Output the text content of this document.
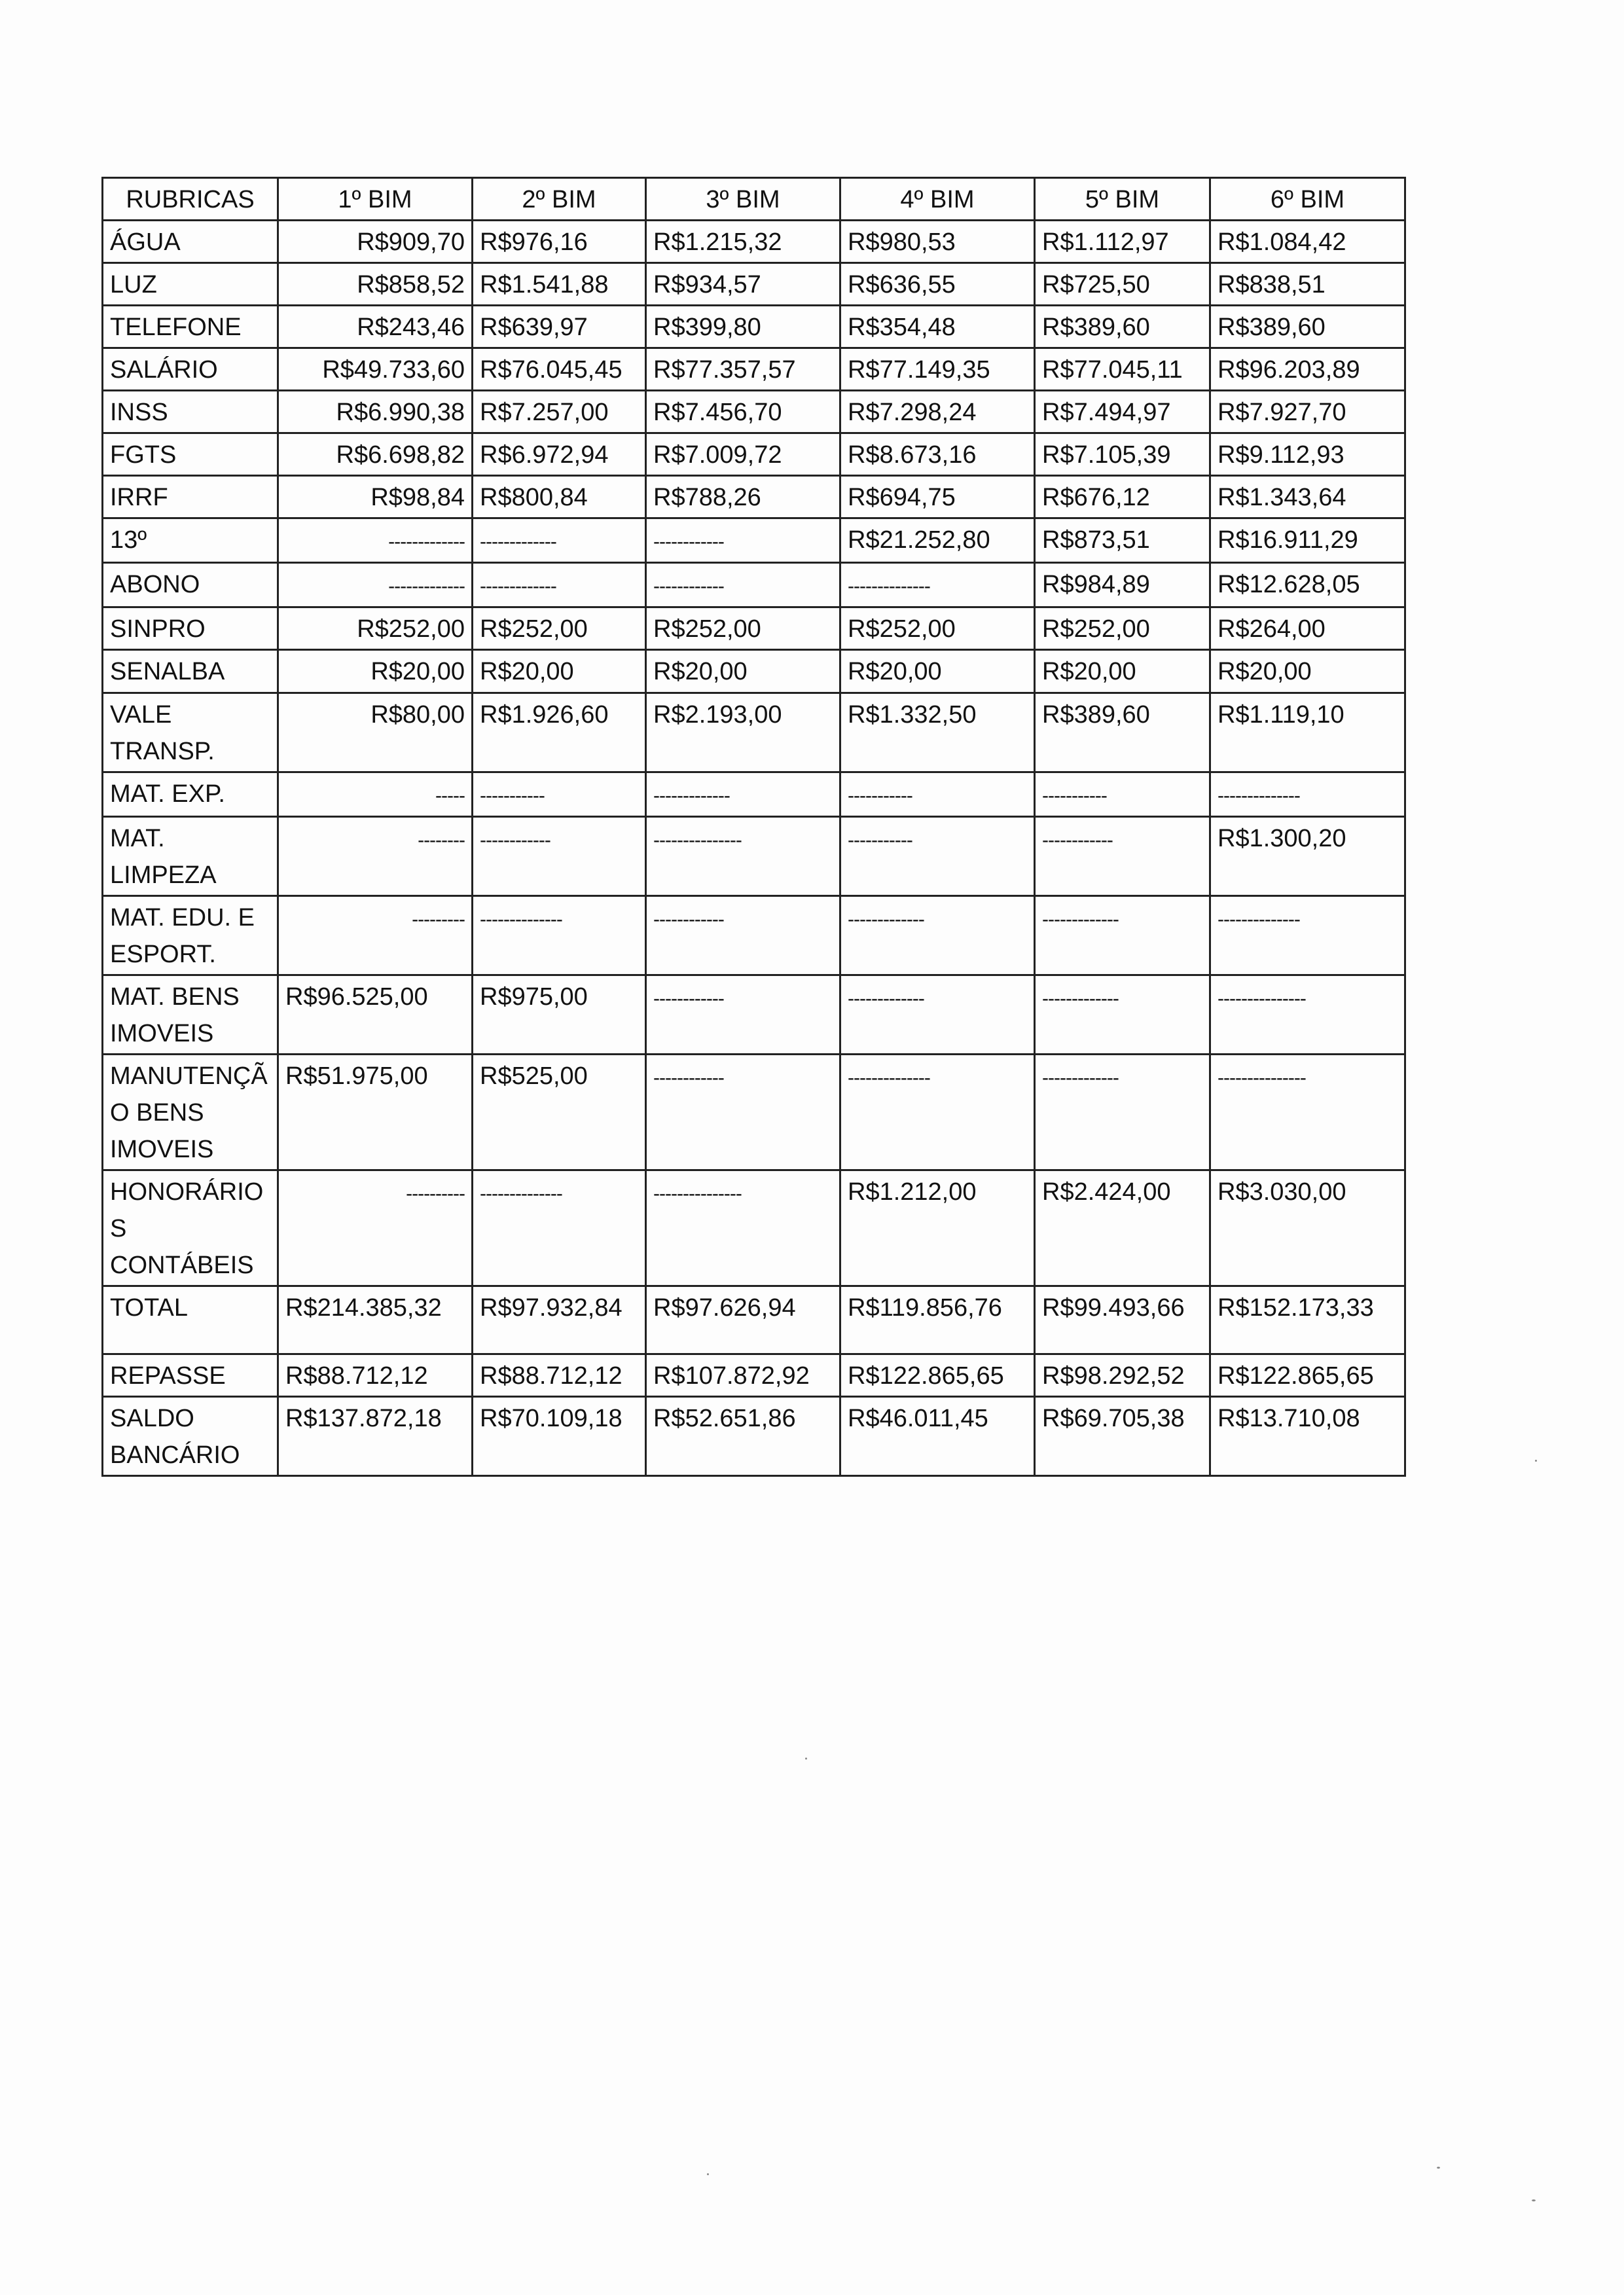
RUBRICAS	1º BIM	2º BIM	3º BIM	4º BIM	5º BIM	6º BIM
ÁGUA	R$909,70	R$976,16	R$1.215,32	R$980,53	R$1.112,97	R$1.084,42
LUZ	R$858,52	R$1.541,88	R$934,57	R$636,55	R$725,50	R$838,51
TELEFONE	R$243,46	R$639,97	R$399,80	R$354,48	R$389,60	R$389,60
SALÁRIO	R$49.733,60	R$76.045,45	R$77.357,57	R$77.149,35	R$77.045,11	R$96.203,89
INSS	R$6.990,38	R$7.257,00	R$7.456,70	R$7.298,24	R$7.494,97	R$7.927,70
FGTS	R$6.698,82	R$6.972,94	R$7.009,72	R$8.673,16	R$7.105,39	R$9.112,93
IRRF	R$98,84	R$800,84	R$788,26	R$694,75	R$676,12	R$1.343,64
13º	-------------	-------------	------------	R$21.252,80	R$873,51	R$16.911,29
ABONO	-------------	-------------	------------	--------------	R$984,89	R$12.628,05
SINPRO	R$252,00	R$252,00	R$252,00	R$252,00	R$252,00	R$264,00
SENALBA	R$20,00	R$20,00	R$20,00	R$20,00	R$20,00	R$20,00
VALE TRANSP.	R$80,00	R$1.926,60	R$2.193,00	R$1.332,50	R$389,60	R$1.119,10
MAT. EXP.	-----	-----------	-------------	-----------	-----------	--------------
MAT. LIMPEZA	--------	------------	---------------	-----------	------------	R$1.300,20
MAT. EDU. E ESPORT.	---------	--------------	------------	-------------	-------------	--------------
MAT. BENS IMOVEIS	R$96.525,00	R$975,00	------------	-------------	-------------	---------------
MANUTENÇÃO BENS IMOVEIS	R$51.975,00	R$525,00	------------	--------------	-------------	---------------
HONORÁRIOS CONTÁBEIS	----------	--------------	---------------	R$1.212,00	R$2.424,00	R$3.030,00
TOTAL	R$214.385,32	R$97.932,84	R$97.626,94	R$119.856,76	R$99.493,66	R$152.173,33
REPASSE	R$88.712,12	R$88.712,12	R$107.872,92	R$122.865,65	R$98.292,52	R$122.865,65
SALDO BANCÁRIO	R$137.872,18	R$70.109,18	R$52.651,86	R$46.011,45	R$69.705,38	R$13.710,08
